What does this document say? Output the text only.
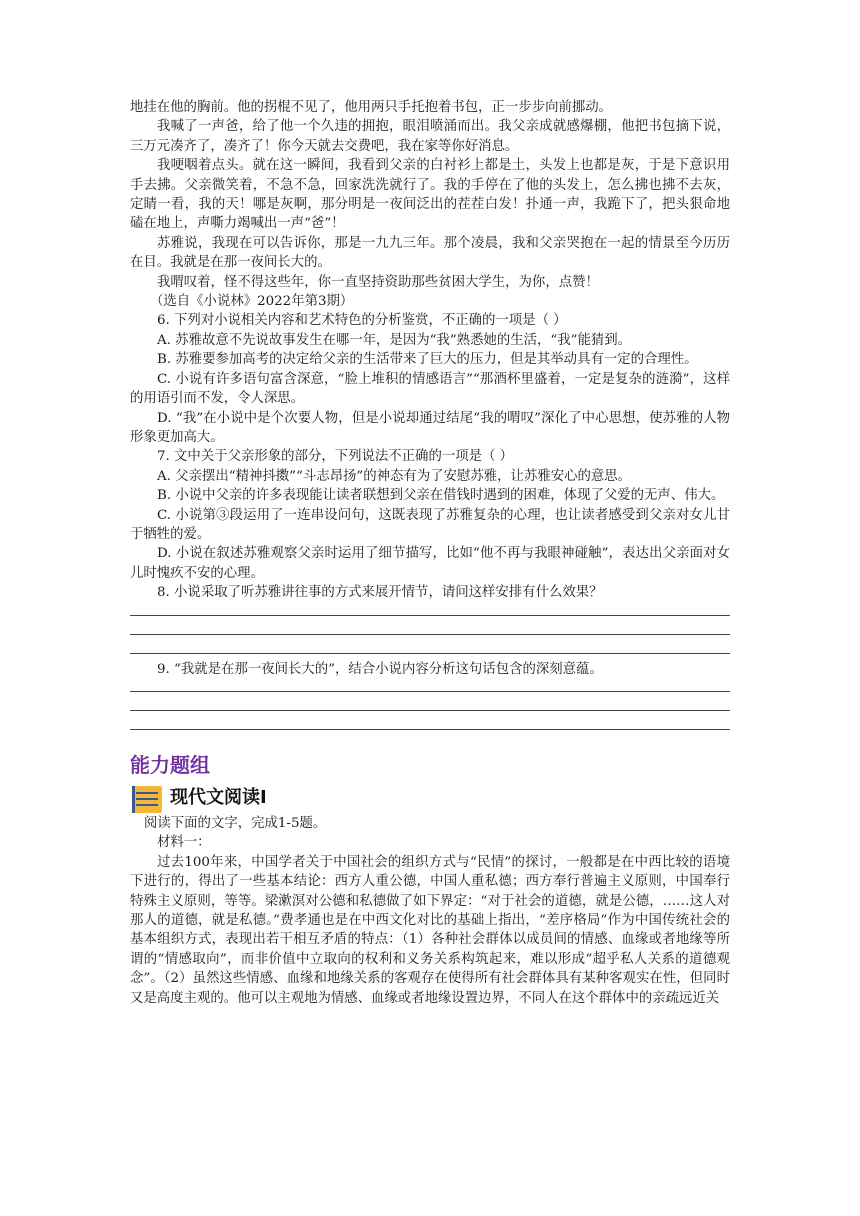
地挂在他的胸前。他的拐棍不见了，他用两只手托抱着书包，正一步步向前挪动。

我喊了一声爸，给了他一个久违的拥抱，眼泪喷涌而出。我父亲成就感爆棚，他把书包摘下说，三万元凑齐了，凑齐了！你今天就去交费吧，我在家等你好消息。

我哽咽着点头。就在这一瞬间，我看到父亲的白衬衫上都是土，头发上也都是灰，于是下意识用手去拂。父亲微笑着，不急不急，回家洗洗就行了。我的手停在了他的头发上，怎么拂也拂不去灰，定睛一看，我的天！哪是灰啊，那分明是一夜间泛出的茬茬白发！扑通一声，我跪下了，把头狠命地磕在地上，声嘶力竭喊出一声“爸”！

苏雅说，我现在可以告诉你，那是一九九三年。那个凌晨，我和父亲哭抱在一起的情景至今历历在目。我就是在那一夜间长大的。

我喟叹着，怪不得这些年，你一直坚持资助那些贫困大学生，为你，点赞！

（选自《小说林》2022年第3期）

6. 下列对小说相关内容和艺术特色的分析鉴赏，不正确的一项是（ ）

A. 苏雅故意不先说故事发生在哪一年，是因为“我”熟悉她的生活，“我”能猜到。

B. 苏雅要参加高考的决定给父亲的生活带来了巨大的压力，但是其举动具有一定的合理性。

C. 小说有许多语句富含深意，“脸上堆积的情感语言”“那酒杯里盛着，一定是复杂的涟漪”，这样的用语引而不发，令人深思。

D. “我”在小说中是个次要人物，但是小说却通过结尾“我的喟叹”深化了中心思想，使苏雅的人物形象更加高大。

7. 文中关于父亲形象的部分，下列说法不正确的一项是（ ）

A. 父亲摆出“精神抖擞”“斗志昂扬”的神态有为了安慰苏雅，让苏雅安心的意思。

B. 小说中父亲的许多表现能让读者联想到父亲在借钱时遇到的困难，体现了父爱的无声、伟大。

C. 小说第③段运用了一连串设问句，这既表现了苏雅复杂的心理，也让读者感受到父亲对女儿甘于牺牲的爱。

D. 小说在叙述苏雅观察父亲时运用了细节描写，比如“他不再与我眼神碰触”，表达出父亲面对女儿时愧疚不安的心理。

8. 小说采取了听苏雅讲往事的方式来展开情节，请问这样安排有什么效果？

9. “我就是在那一夜间长大的”，结合小说内容分析这句话包含的深刻意蕴。

能力题组
现代文阅读Ⅰ

阅读下面的文字，完成1-5题。

材料一：

过去100年来，中国学者关于中国社会的组织方式与“民情”的探讨，一般都是在中西比较的语境下进行的，得出了一些基本结论：西方人重公德，中国人重私德；西方奉行普遍主义原则，中国奉行特殊主义原则，等等。梁漱溟对公德和私德做了如下界定：“对于社会的道德，就是公德，……这人对那人的道德，就是私德。”费孝通也是在中西文化对比的基础上指出，“差序格局”作为中国传统社会的基本组织方式，表现出若干相互矛盾的特点：（1）各种社会群体以成员间的情感、血缘或者地缘等所谓的“情感取向”，而非价值中立取向的权利和义务关系构筑起来，难以形成“超乎私人关系的道德观念”。（2）虽然这些情感、血缘和地缘关系的客观存在使得所有社会群体具有某种客观实在性，但同时又是高度主观的。他可以主观地为情感、血缘或者地缘设置边界，不同人在这个群体中的亲疏远近关
